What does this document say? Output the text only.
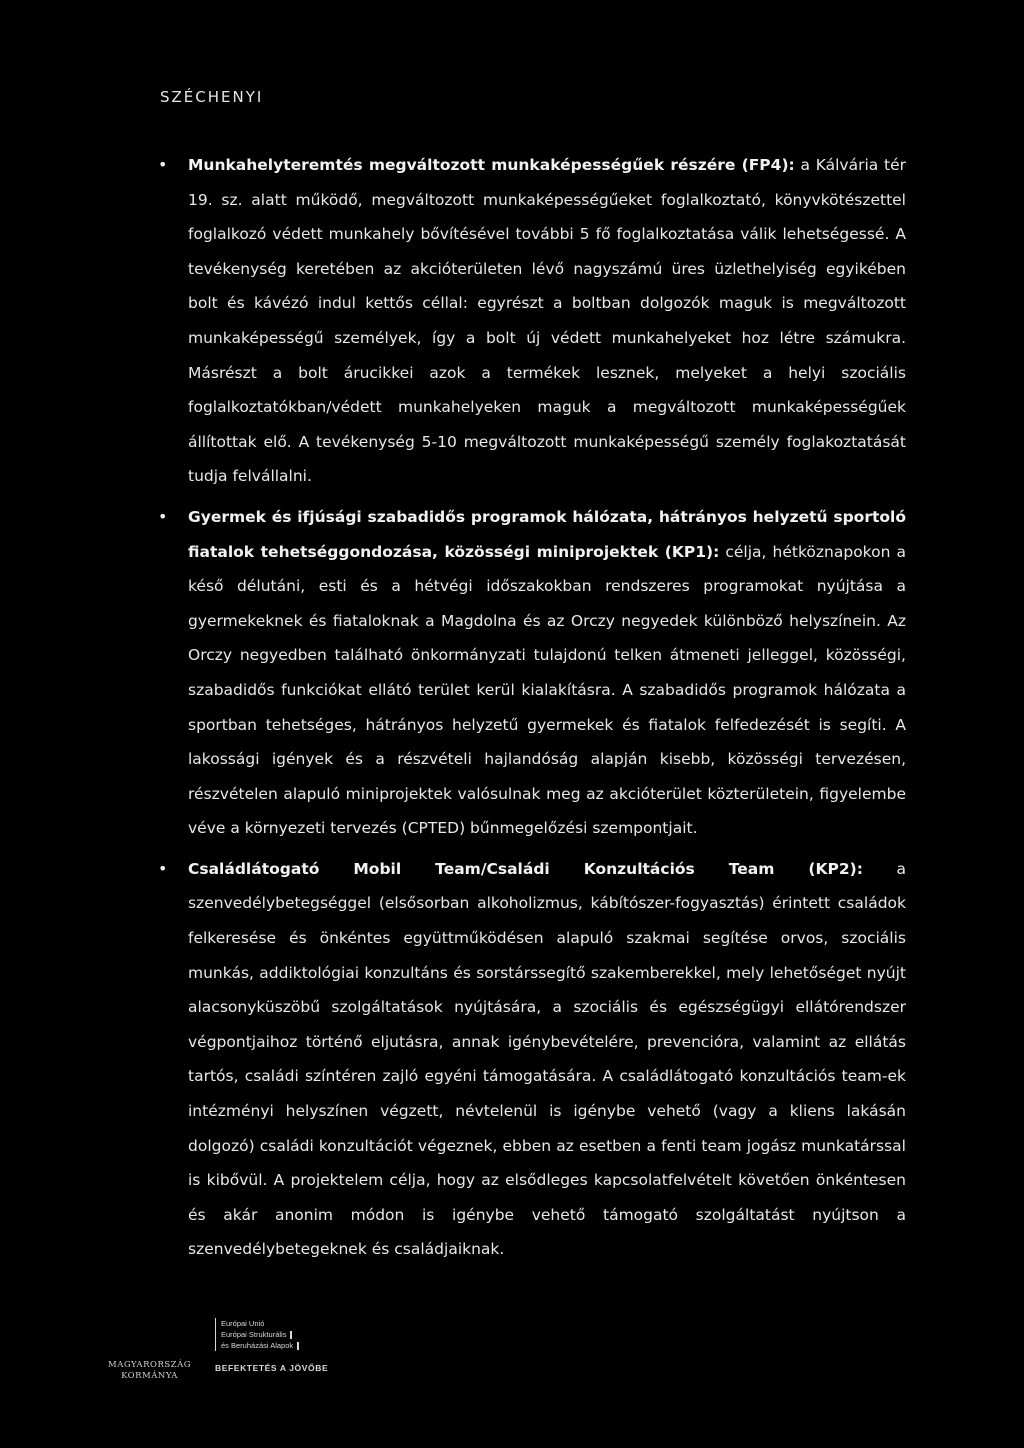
SZÉCHENYI
• Munkahelyteremtés megváltozott munkaképességűek részére (FP4): a Kálvária tér 19. sz. alatt működő, megváltozott munkaképességűeket foglalkoztató, könyvkötészettel foglalkozó védett munkahely bővítésével további 5 fő foglalkoztatása válik lehetségessé. A tevékenység keretében az akcióterületen lévő nagyszámú üres üzlethelyiség egyikében bolt és kávézó indul kettős céllal: egyrészt a boltban dolgozók maguk is megváltozott munkaképességű személyek, így a bolt új védett munkahelyeket hoz létre számukra. Másrészt a bolt árucikkei azok a termékek lesznek, melyeket a helyi szociális foglalkoztatókban/védett munkahelyeken maguk a megváltozott munkaképességűek állítottak elő. A tevékenység 5-10 megváltozott munkaképességű személy foglakoztatását tudja felvállalni.
• Gyermek és ifjúsági szabadidős programok hálózata, hátrányos helyzetű sportoló fiatalok tehetséggondozása, közösségi miniprojektek (KP1): célja, hétköznapokon a késő délutáni, esti és a hétvégi időszakokban rendszeres programokat nyújtása a gyermekeknek és fiataloknak a Magdolna és az Orczy negyedek különböző helyszínein. Az Orczy negyedben található önkormányzati tulajdonú telken átmeneti jelleggel, közösségi, szabadidős funkciókat ellátó terület kerül kialakításra. A szabadidős programok hálózata a sportban tehetséges, hátrányos helyzetű gyermekek és fiatalok felfedezését is segíti. A lakossági igények és a részvételi hajlandóság alapján kisebb, közösségi tervezésen, részvételen alapuló miniprojektek valósulnak meg az akcióterület közterületein, figyelembe véve a környezeti tervezés (CPTED) bűnmegelőzési szempontjait.
• Családlátogató Mobil Team/Családi Konzultációs Team (KP2): a szenvedélybetegséggel (elsősorban alkoholizmus, kábítószer-fogyasztás) érintett családok felkeresése és önkéntes együttműködésen alapuló szakmai segítése orvos, szociális munkás, addiktológiai konzultáns és sorstárssegítő szakemberekkel, mely lehetőséget nyújt alacsonyküszöbű szolgáltatások nyújtására, a szociális és egészségügyi ellátórendszer végpontjaihoz történő eljutásra, annak igénybevételére, prevencióra, valamint az ellátás tartós, családi színtéren zajló egyéni támogatására. A családlátogató konzultációs team-ek intézményi helyszínen végzett, névtelenül is igénybe vehető (vagy a kliens lakásán dolgozó) családi konzultációt végeznek, ebben az esetben a fenti team jogász munkatárssal is kibővül. A projektelem célja, hogy az elsődleges kapcsolatfelvételt követően önkéntesen és akár anonim módon is igénybe vehető támogató szolgáltatást nyújtson a szenvedélybetegeknek és családjaiknak.
MAGYARORSZÁG
KORMÁNYA
Európai Unió
Európai Strukturális
és Beruházási Alapok
BEFEKTETÉS A JÖVŐBE
